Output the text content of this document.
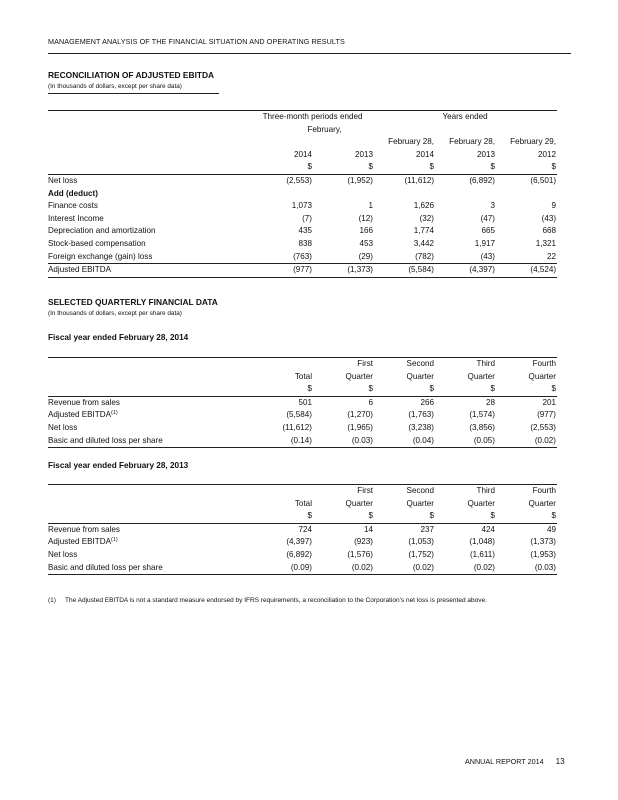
MANAGEMENT ANALYSIS OF THE FINANCIAL SITUATION AND OPERATING RESULTS
RECONCILIATION OF ADJUSTED EBITDA
(In thousands of dollars, except per share data)
	Three-month periods ended		Years ended		
	February,				
			February 28,	February 28,	February 29,
	2014	2013	2014	2013	2012
	$	$	$	$	$
Net loss	(2,553)	(1,952)	(11,612)	(6,892)	(6,501)
Add (deduct)					
Finance costs	1,073	1	1,626	3	9
Interest Income	(7)	(12)	(32)	(47)	(43)
Depreciation and amortization	435	166	1,774	665	668
Stock-based compensation	838	453	3,442	1,917	1,321
Foreign exchange (gain) loss	(763)	(29)	(782)	(43)	22
Adjusted EBITDA	(977)	(1,373)	(5,584)	(4,397)	(4,524)
SELECTED QUARTERLY FINANCIAL DATA
(In thousands of dollars, except per share data)
Fiscal year ended February 28, 2014
		First	Second	Third	Fourth
	Total	Quarter	Quarter	Quarter	Quarter
	$	$	$	$	$
Revenue from sales	501	6	266	28	201
Adjusted EBITDA$^{(1)}$	(5,584)	(1,270)	(1,763)	(1,574)	(977)
Net loss	(11,612)	(1,965)	(3,238)	(3,856)	(2,553)
Basic and diluted loss per share	(0.14)	(0.03)	(0.04)	(0.05)	(0.02)
Fiscal year ended February 28, 2013
		First	Second	Third	Fourth
	Total	Quarter	Quarter	Quarter	Quarter
	$	$	$	$	$
Revenue from sales	724	14	237	424	49
Adjusted EBITDA$^{(1)}$	(4,397)	(923)	(1,053)	(1,048)	(1,373)
Net loss	(6,892)	(1,576)	(1,752)	(1,611)	(1,953)
Basic and diluted loss per share	(0.09)	(0.02)	(0.02)	(0.02)	(0.03)
(1) The Adjusted EBITDA is not a standard measure endorsed by IFRS requirements, a reconciliation to the Corporation’s net loss is presented above.
ANNUAL REPORT 2014 13
